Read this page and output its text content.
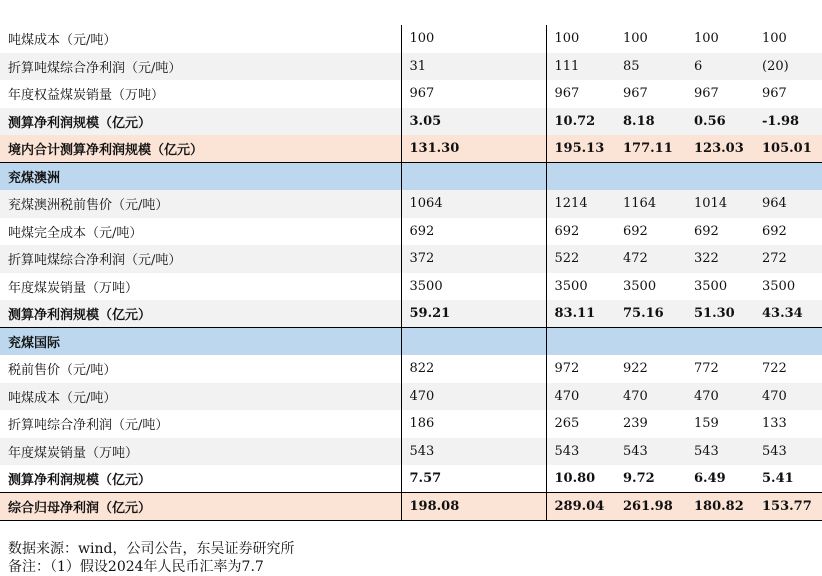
吨煤成本（元/吨）	100	100	100	100	100
折算吨煤综合净利润（元/吨）	31	111	85	6	(20)
年度权益煤炭销量（万吨）	967	967	967	967	967
测算净利润规模（亿元）	3.05	10.72	8.18	0.56	-1.98
境内合计测算净利润规模（亿元）	131.30	195.13	177.11	123.03	105.01
兖煤澳洲					
兖煤澳洲税前售价（元/吨）	1064	1214	1164	1014	964
吨煤完全成本（元/吨）	692	692	692	692	692
折算吨煤综合净利润（元/吨）	372	522	472	322	272
年度煤炭销量（万吨）	3500	3500	3500	3500	3500
测算净利润规模（亿元）	59.21	83.11	75.16	51.30	43.34
兖煤国际					
税前售价（元/吨）	822	972	922	772	722
吨煤成本（元/吨）	470	470	470	470	470
折算吨综合净利润（元/吨）	186	265	239	159	133
年度煤炭销量（万吨）	543	543	543	543	543
测算净利润规模（亿元）	7.57	10.80	9.72	6.49	5.41
综合归母净利润（亿元）	198.08	289.04	261.98	180.82	153.77
数据来源：wind，公司公告，东吴证券研究所
备注：（1）假设2024年人民币汇率为7.7
